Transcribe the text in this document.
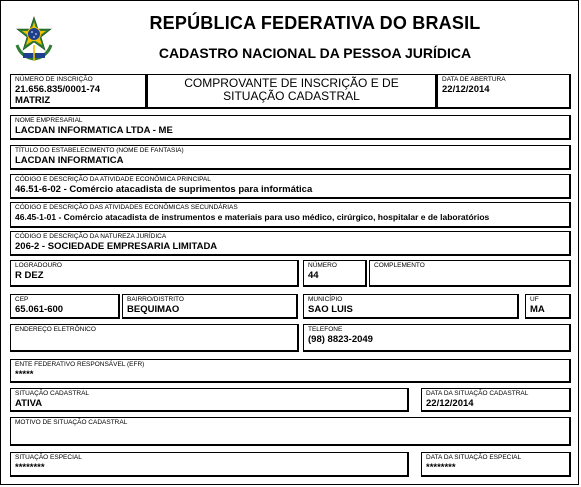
REPÚBLICA FEDERATIVA DO BRASIL
CADASTRO NACIONAL DA PESSOA JURÍDICA
NÚMERO DE INSCRIÇÃO
21.656.835/0001-74
MATRIZ
COMPROVANTE DE INSCRIÇÃO E DE SITUAÇÃO CADASTRAL
DATA DE ABERTURA
22/12/2014
NOME EMPRESARIAL
LACDAN INFORMATICA LTDA - ME
TÍTULO DO ESTABELECIMENTO (NOME DE FANTASIA)
LACDAN INFORMATICA
CÓDIGO E DESCRIÇÃO DA ATIVIDADE ECONÔMICA PRINCIPAL
46.51-6-02 - Comércio atacadista de suprimentos para informática
CÓDIGO E DESCRIÇÃO DAS ATIVIDADES ECONÔMICAS SECUNDÁRIAS
46.45-1-01 - Comércio atacadista de instrumentos e materiais para uso médico, cirúrgico, hospitalar e de laboratórios
CÓDIGO E DESCRIÇÃO DA NATUREZA JURÍDICA
206-2 - SOCIEDADE EMPRESARIA LIMITADA
LOGRADOURO
R DEZ
NÚMERO
44
COMPLEMENTO
CEP
65.061-600
BAIRRO/DISTRITO
BEQUIMAO
MUNICÍPIO
SAO LUIS
UF
MA
ENDEREÇO ELETRÔNICO	TELEFONE
(98) 8823-2049
ENTE FEDERATIVO RESPONSÁVEL (EFR)
*****
SITUAÇÃO CADASTRAL
ATIVA
DATA DA SITUAÇÃO CADASTRAL
22/12/2014
MOTIVO DE SITUAÇÃO CADASTRAL
SITUAÇÃO ESPECIAL
********
DATA DA SITUAÇÃO ESPECIAL
********
